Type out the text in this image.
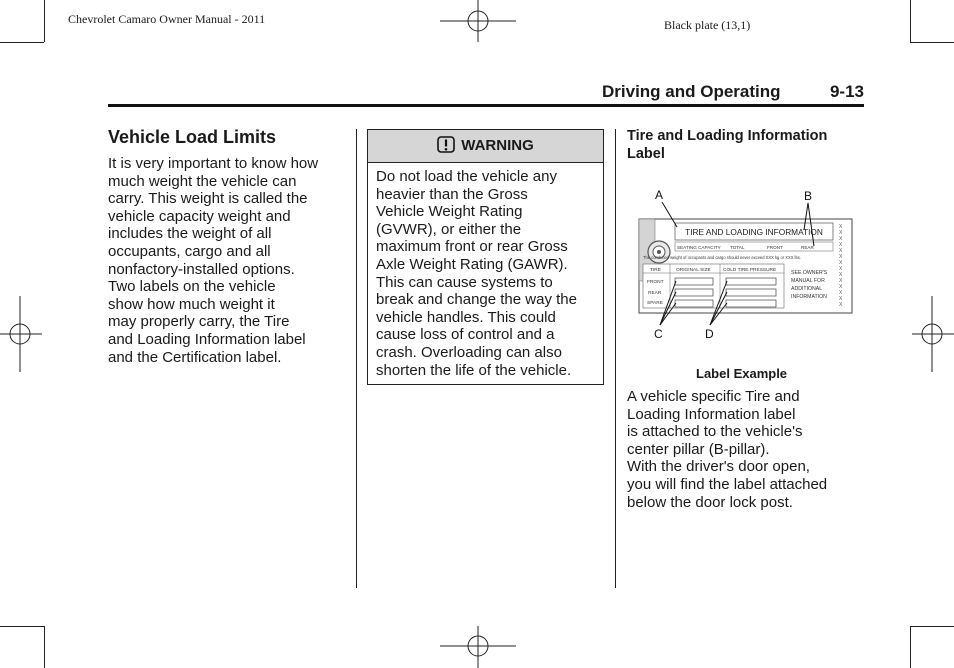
Chevrolet Camaro Owner Manual - 2011	Black plate (13,1)
Driving and Operating	9-13
Vehicle Load Limits
It is very important to know how
much weight the vehicle can
carry. This weight is called the
vehicle capacity weight and
includes the weight of all
occupants, cargo and all
nonfactory-installed options.
Two labels on the vehicle
show how much weight it
may properly carry, the Tire
and Loading Information label
and the Certification label.
WARNING
Do not load the vehicle any
heavier than the Gross
Vehicle Weight Rating
(GVWR), or either the
maximum front or rear Gross
Axle Weight Rating (GAWR).
This can cause systems to
break and change the way the
vehicle handles. This could
cause loss of control and a
crash. Overloading can also
shorten the life of the vehicle.
Tire and Loading Information
Label
TIRE AND LOADING INFORMATION
SEATING CAPACITY TOTAL	FRONT	REAR
The combined weight of occupants and cargo should never exceed XXX kg or XXX lbs.
X
X
X
X
X
X
X
X
X
X
X
X
X
X
TIRE	ORIGINAL SIZE	COLD TIRE PRESSURE
FRONT
REAR
SPARE
SEE OWNER'S
MANUAL FOR
ADDITIONAL
INFORMATION
A	B
C	D
Label Example
A vehicle specific Tire and
Loading Information label
is attached to the vehicle's
center pillar (B-pillar).
With the driver's door open,
you will find the label attached
below the door lock post.
